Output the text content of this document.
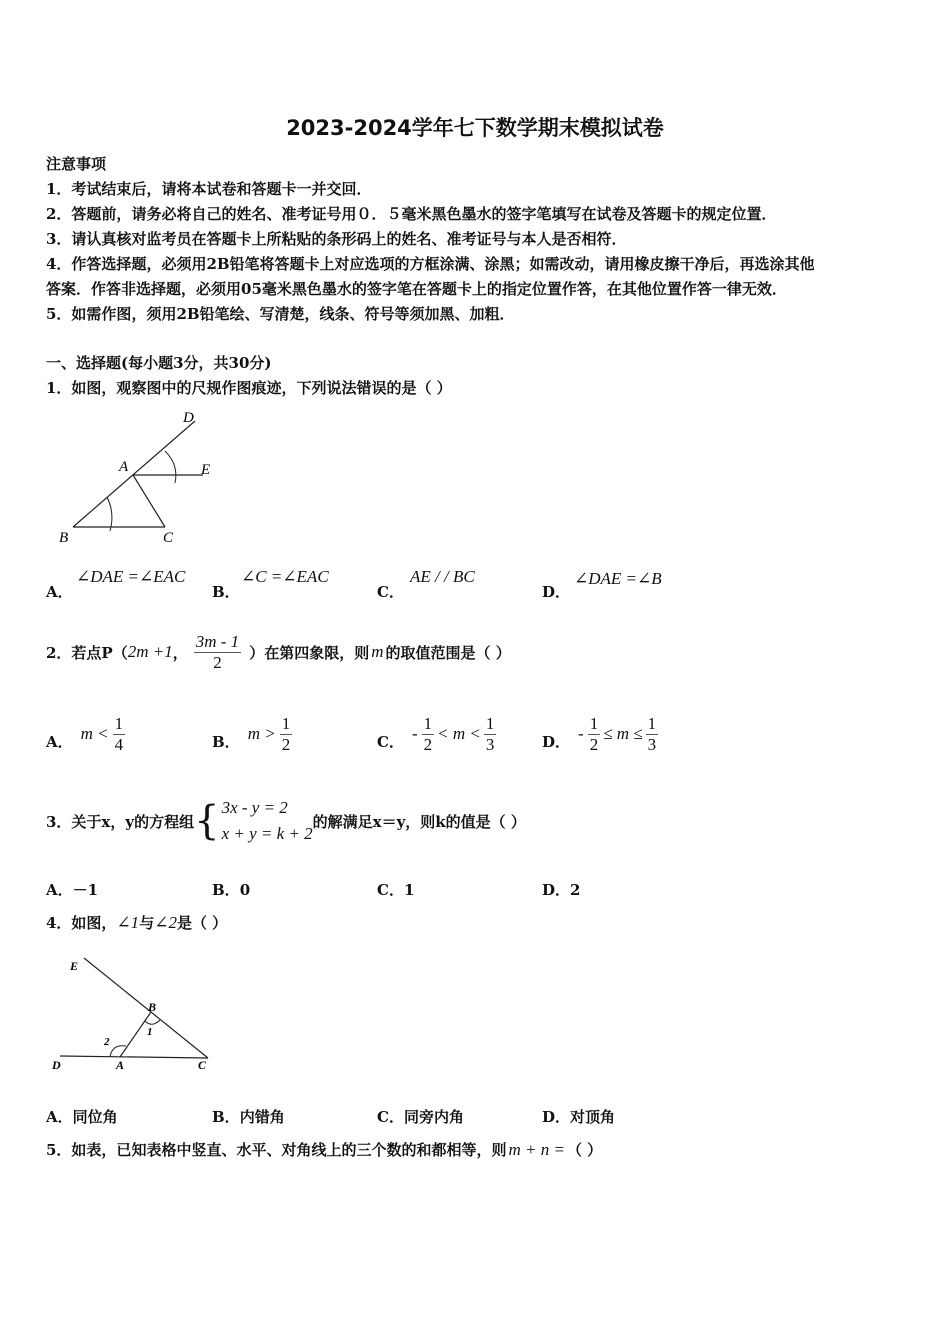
2023-2024学年七下数学期末模拟试卷
注意事项
1．考试结束后，请将本试卷和答题卡一并交回．
2．答题前，请务必将自己的姓名、准考证号用０．５毫米黑色墨水的签字笔填写在试卷及答题卡的规定位置．
3．请认真核对监考员在答题卡上所粘贴的条形码上的姓名、准考证号与本人是否相符．
4．作答选择题，必须用2B铅笔将答题卡上对应选项的方框涂满、涂黑；如需改动，请用橡皮擦干净后，再选涂其他
答案．作答非选择题，必须用05毫米黑色墨水的签字笔在答题卡上的指定位置作答，在其他位置作答一律无效．
5．如需作图，须用2B铅笔绘、写清楚，线条、符号等须加黑、加粗．
一、选择题(每小题3分，共30分)
1．如图，观察图中的尺规作图痕迹，下列说法错误的是（ ）
D
A	E
B	C
A．
∠DAE =∠EAC
B．
∠C =∠EAC
C．
AE / / BC
D．
∠DAE =∠B
2．若点P（ 2m +1 ， $\frac{3m - 1}{2}$ ）在第四象限，则 m 的取值范围是（ ）
A． $m < \frac{1}{4}$	B． $m > \frac{1}{2}$	C． - $\frac{1}{2} < m < \frac{1}{3}$	D． - $\frac{1}{2} \le m \le \frac{1}{3}$
3．关于x，y的方程组 { 3x - y = 2
x + y = k + 2
的解满足x＝y，则k的值是（ ）
A．－1	B．0	C．1	D．2
4．如图， ∠1 与 ∠2 是（ ）
E
B
1
2
D	A	C
A．同位角	B．内错角	C．同旁内角	D．对顶角
5．如表，已知表格中竖直、水平、对角线上的三个数的和都相等，则 m + n = （ ）
